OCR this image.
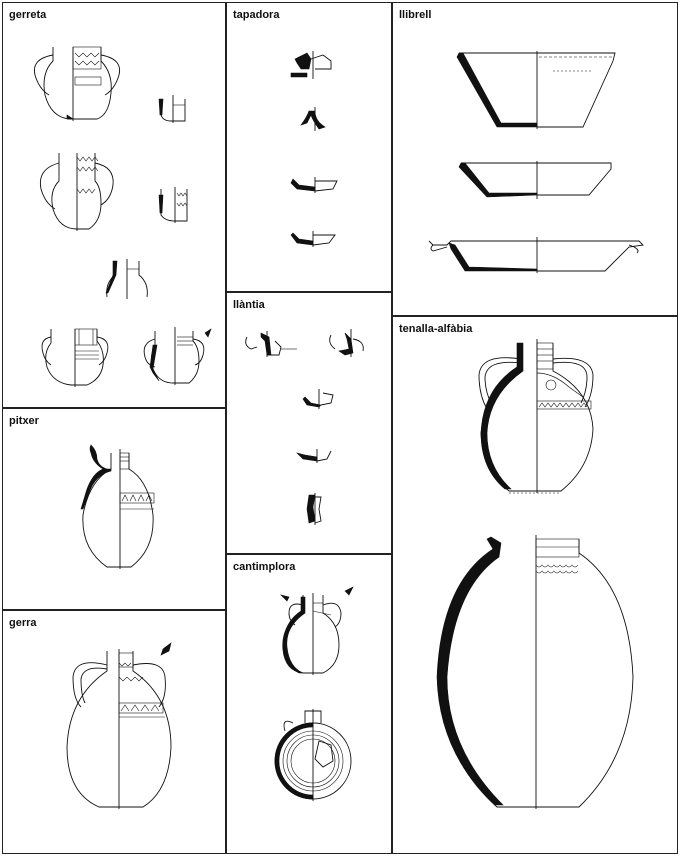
gerreta
pitxer
gerra
tapadora
llàntia
cantimplora
llibrell
tenalla-alfàbia
